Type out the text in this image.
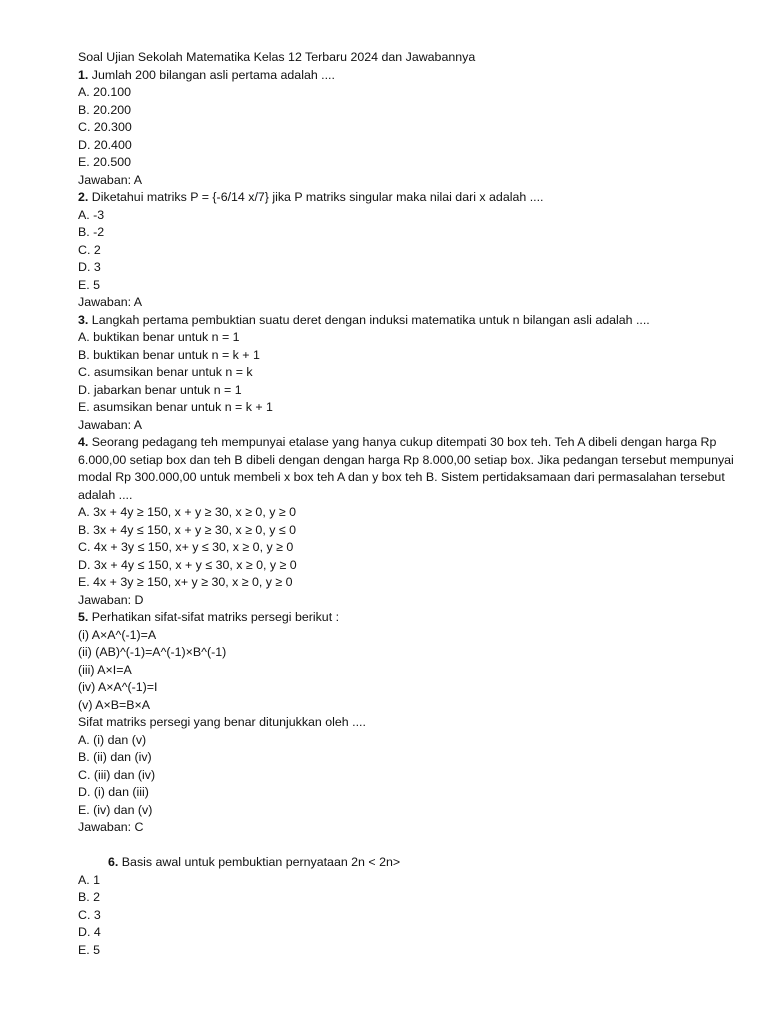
Soal Ujian Sekolah Matematika Kelas 12 Terbaru 2024 dan Jawabannya
1. Jumlah 200 bilangan asli pertama adalah ....
A. 20.100
B. 20.200
C. 20.300
D. 20.400
E. 20.500
Jawaban: A
2. Diketahui matriks P = {-6/14 x/7} jika P matriks singular maka nilai dari x adalah ....
A. -3
B. -2
C. 2
D. 3
E. 5
Jawaban: A
3. Langkah pertama pembuktian suatu deret dengan induksi matematika untuk n bilangan asli adalah ....
A. buktikan benar untuk n = 1
B. buktikan benar untuk n = k + 1
C. asumsikan benar untuk n = k
D. jabarkan benar untuk n = 1
E. asumsikan benar untuk n = k + 1
Jawaban: A
4. Seorang pedagang teh mempunyai etalase yang hanya cukup ditempati 30 box teh. Teh A dibeli dengan harga Rp 6.000,00 setiap box dan teh B dibeli dengan dengan harga Rp 8.000,00 setiap box. Jika pedangan tersebut mempunyai modal Rp 300.000,00 untuk membeli x box teh A dan y box teh B. Sistem pertidaksamaan dari permasalahan tersebut adalah ....
A. 3x + 4y ≥ 150, x + y ≥ 30, x ≥ 0, y ≥ 0
B. 3x + 4y ≤ 150, x + y ≥ 30, x ≥ 0, y ≤ 0
C. 4x + 3y ≤ 150, x+ y ≤ 30, x ≥ 0, y ≥ 0
D. 3x + 4y ≤ 150, x + y ≤ 30, x ≥ 0, y ≥ 0
E. 4x + 3y ≥ 150, x+ y ≥ 30, x ≥ 0, y ≥ 0
Jawaban: D
5. Perhatikan sifat-sifat matriks persegi berikut :
(i) A×A^(-1)=A
(ii) (AB)^(-1)=A^(-1)×B^(-1)
(iii) A×I=A
(iv) A×A^(-1)=I
(v) A×B=B×A
Sifat matriks persegi yang benar ditunjukkan oleh ....
A. (i) dan (v)
B. (ii) dan (iv)
C. (iii) dan (iv)
D. (i) dan (iii)
E. (iv) dan (v)
Jawaban: C
6. Basis awal untuk pembuktian pernyataan 2n < 2n>
A. 1
B. 2
C. 3
D. 4
E. 5
